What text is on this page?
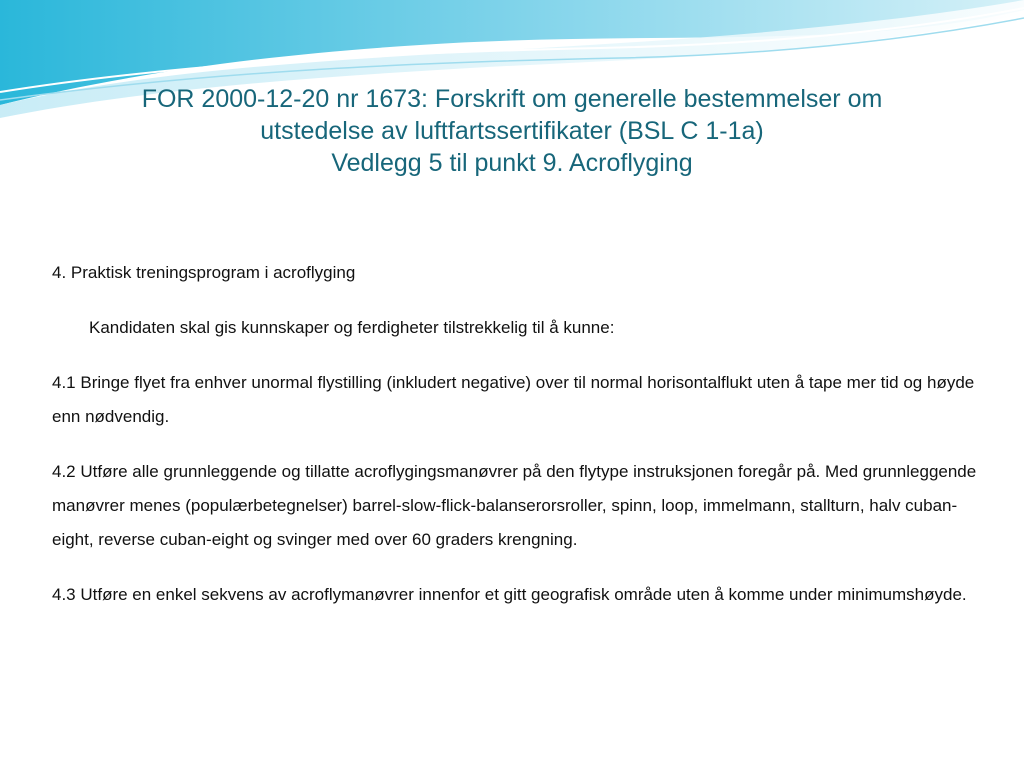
FOR 2000-12-20 nr 1673: Forskrift om generelle bestemmelser om
utstedelse av luftfartssertifikater (BSL C 1-1a)
Vedlegg 5 til punkt 9. Acroflyging

4. Praktisk treningsprogram i acroflyging

Kandidaten skal gis kunnskaper og ferdigheter tilstrekkelig til å kunne:

4.1 Bringe flyet fra enhver unormal flystilling (inkludert negative) over til normal horisontalflukt uten å tape mer tid og høyde enn nødvendig.

4.2 Utføre alle grunnleggende og tillatte acroflygingsmanøvrer på den flytype instruksjonen foregår på. Med grunnleggende manøvrer menes (populærbetegnelser) barrel-slow-flick-balanserorsroller, spinn, loop, immelmann, stallturn, halv cuban-eight, reverse cuban-eight og svinger med over 60 graders krengning.

4.3 Utføre en enkel sekvens av acroflymanøvrer innenfor et gitt geografisk område uten å komme under minimumshøyde.
